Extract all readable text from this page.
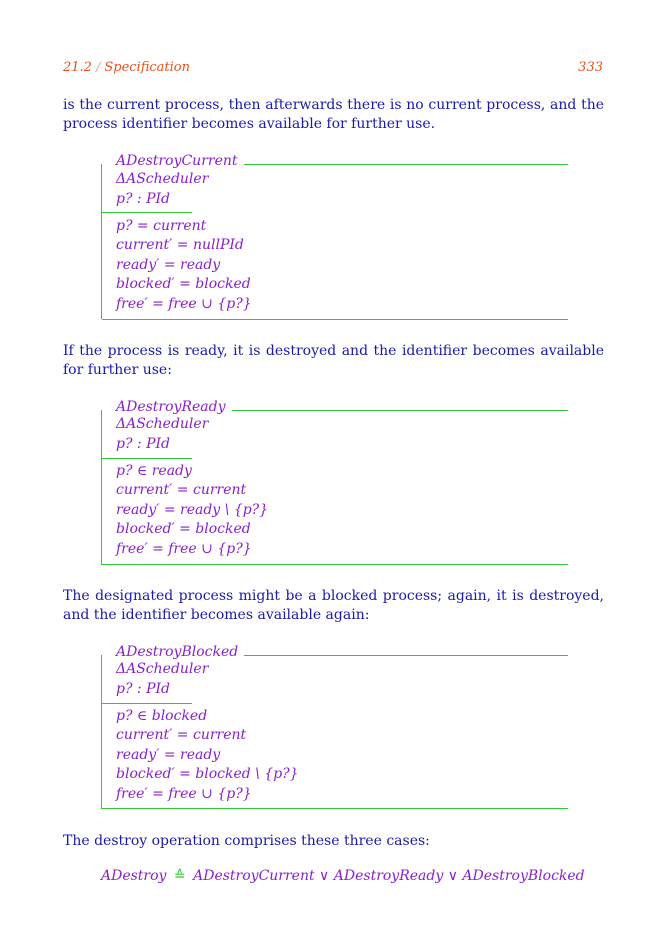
21.2 / Specification	333

is the current process, then afterwards there is no current process, and the process identifier becomes available for further use.

ADestroyCurrent
ΔAScheduler
p? : PId
p? = current
current′ = nullPId
ready′ = ready
blocked′ = blocked
free′ = free ∪ {p?}

If the process is ready, it is destroyed and the identifier becomes available for further use:

ADestroyReady
ΔAScheduler
p? : PId
p? ∈ ready
current′ = current
ready′ = ready \ {p?}
blocked′ = blocked
free′ = free ∪ {p?}

The designated process might be a blocked process; again, it is destroyed, and the identifier becomes available again:

ADestroyBlocked
ΔAScheduler
p? : PId
p? ∈ blocked
current′ = current
ready′ = ready
blocked′ = blocked \ {p?}
free′ = free ∪ {p?}

The destroy operation comprises these three cases:

ADestroy ≙ ADestroyCurrent ∨ ADestroyReady ∨ ADestroyBlocked
